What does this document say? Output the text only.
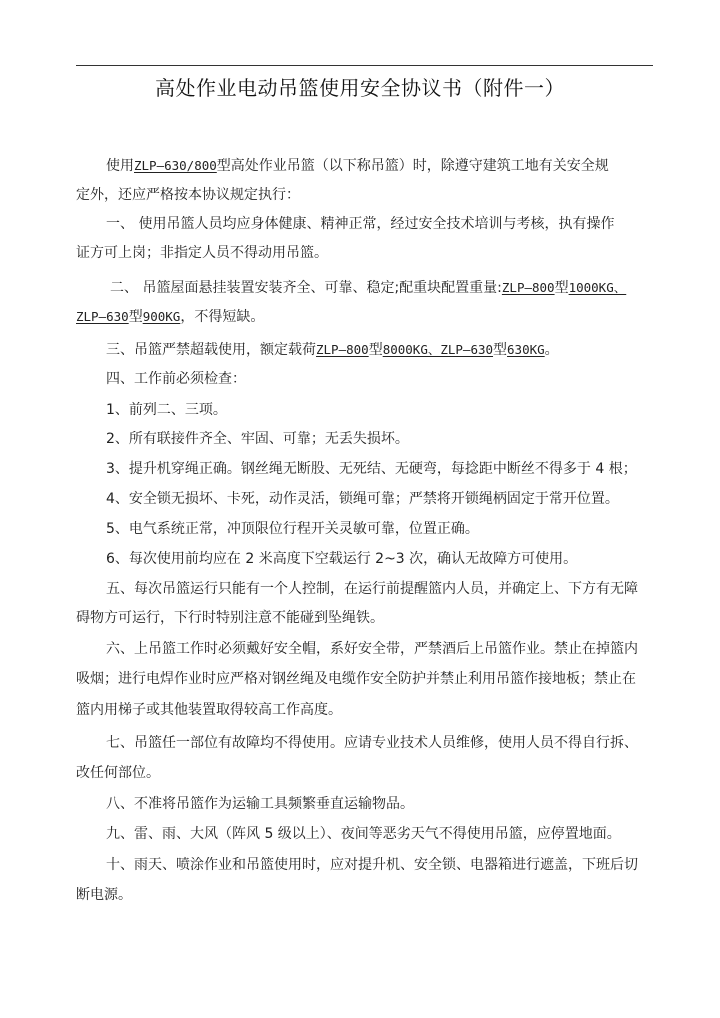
高处作业电动吊篮使用安全协议书（附件一）
使用ZLP—630/800型高处作业吊篮（以下称吊篮）时，除遵守建筑工地有关安全规
定外，还应严格按本协议规定执行：
一、 使用吊篮人员均应身体健康、精神正常，经过安全技术培训与考核，执有操作
证方可上岗；非指定人员不得动用吊篮。
二、 吊篮屋面悬挂装置安装齐全、可靠、稳定;配重块配置重量:ZLP—800型1000KG、
ZLP—630型900KG，不得短缺。
三、吊篮严禁超载使用，额定载荷ZLP—800型8000KG、ZLP—630型630KG。
四、工作前必须检查：
1、前列二、三项。
2、所有联接件齐全、牢固、可靠；无丢失损坏。
3、提升机穿绳正确。钢丝绳无断股、无死结、无硬弯，每捻距中断丝不得多于 4 根；
4、安全锁无损坏、卡死，动作灵活，锁绳可靠；严禁将开锁绳柄固定于常开位置。
5、电气系统正常，冲顶限位行程开关灵敏可靠，位置正确。
6、每次使用前均应在 2 米高度下空载运行 2~3 次，确认无故障方可使用。
五、每次吊篮运行只能有一个人控制，在运行前提醒篮内人员，并确定上、下方有无障
碍物方可运行，下行时特别注意不能碰到坠绳铁。
六、上吊篮工作时必须戴好安全帽，系好安全带，严禁酒后上吊篮作业。禁止在掉篮内
吸烟；进行电焊作业时应严格对钢丝绳及电缆作安全防护并禁止利用吊篮作接地板；禁止在
篮内用梯子或其他装置取得较高工作高度。
七、吊篮任一部位有故障均不得使用。应请专业技术人员维修，使用人员不得自行拆、
改任何部位。
八、不准将吊篮作为运输工具频繁垂直运输物品。
九、雷、雨、大风（阵风 5 级以上）、夜间等恶劣天气不得使用吊篮，应停置地面。
十、雨天、喷涂作业和吊篮使用时，应对提升机、安全锁、电器箱进行遮盖，下班后切
断电源。
